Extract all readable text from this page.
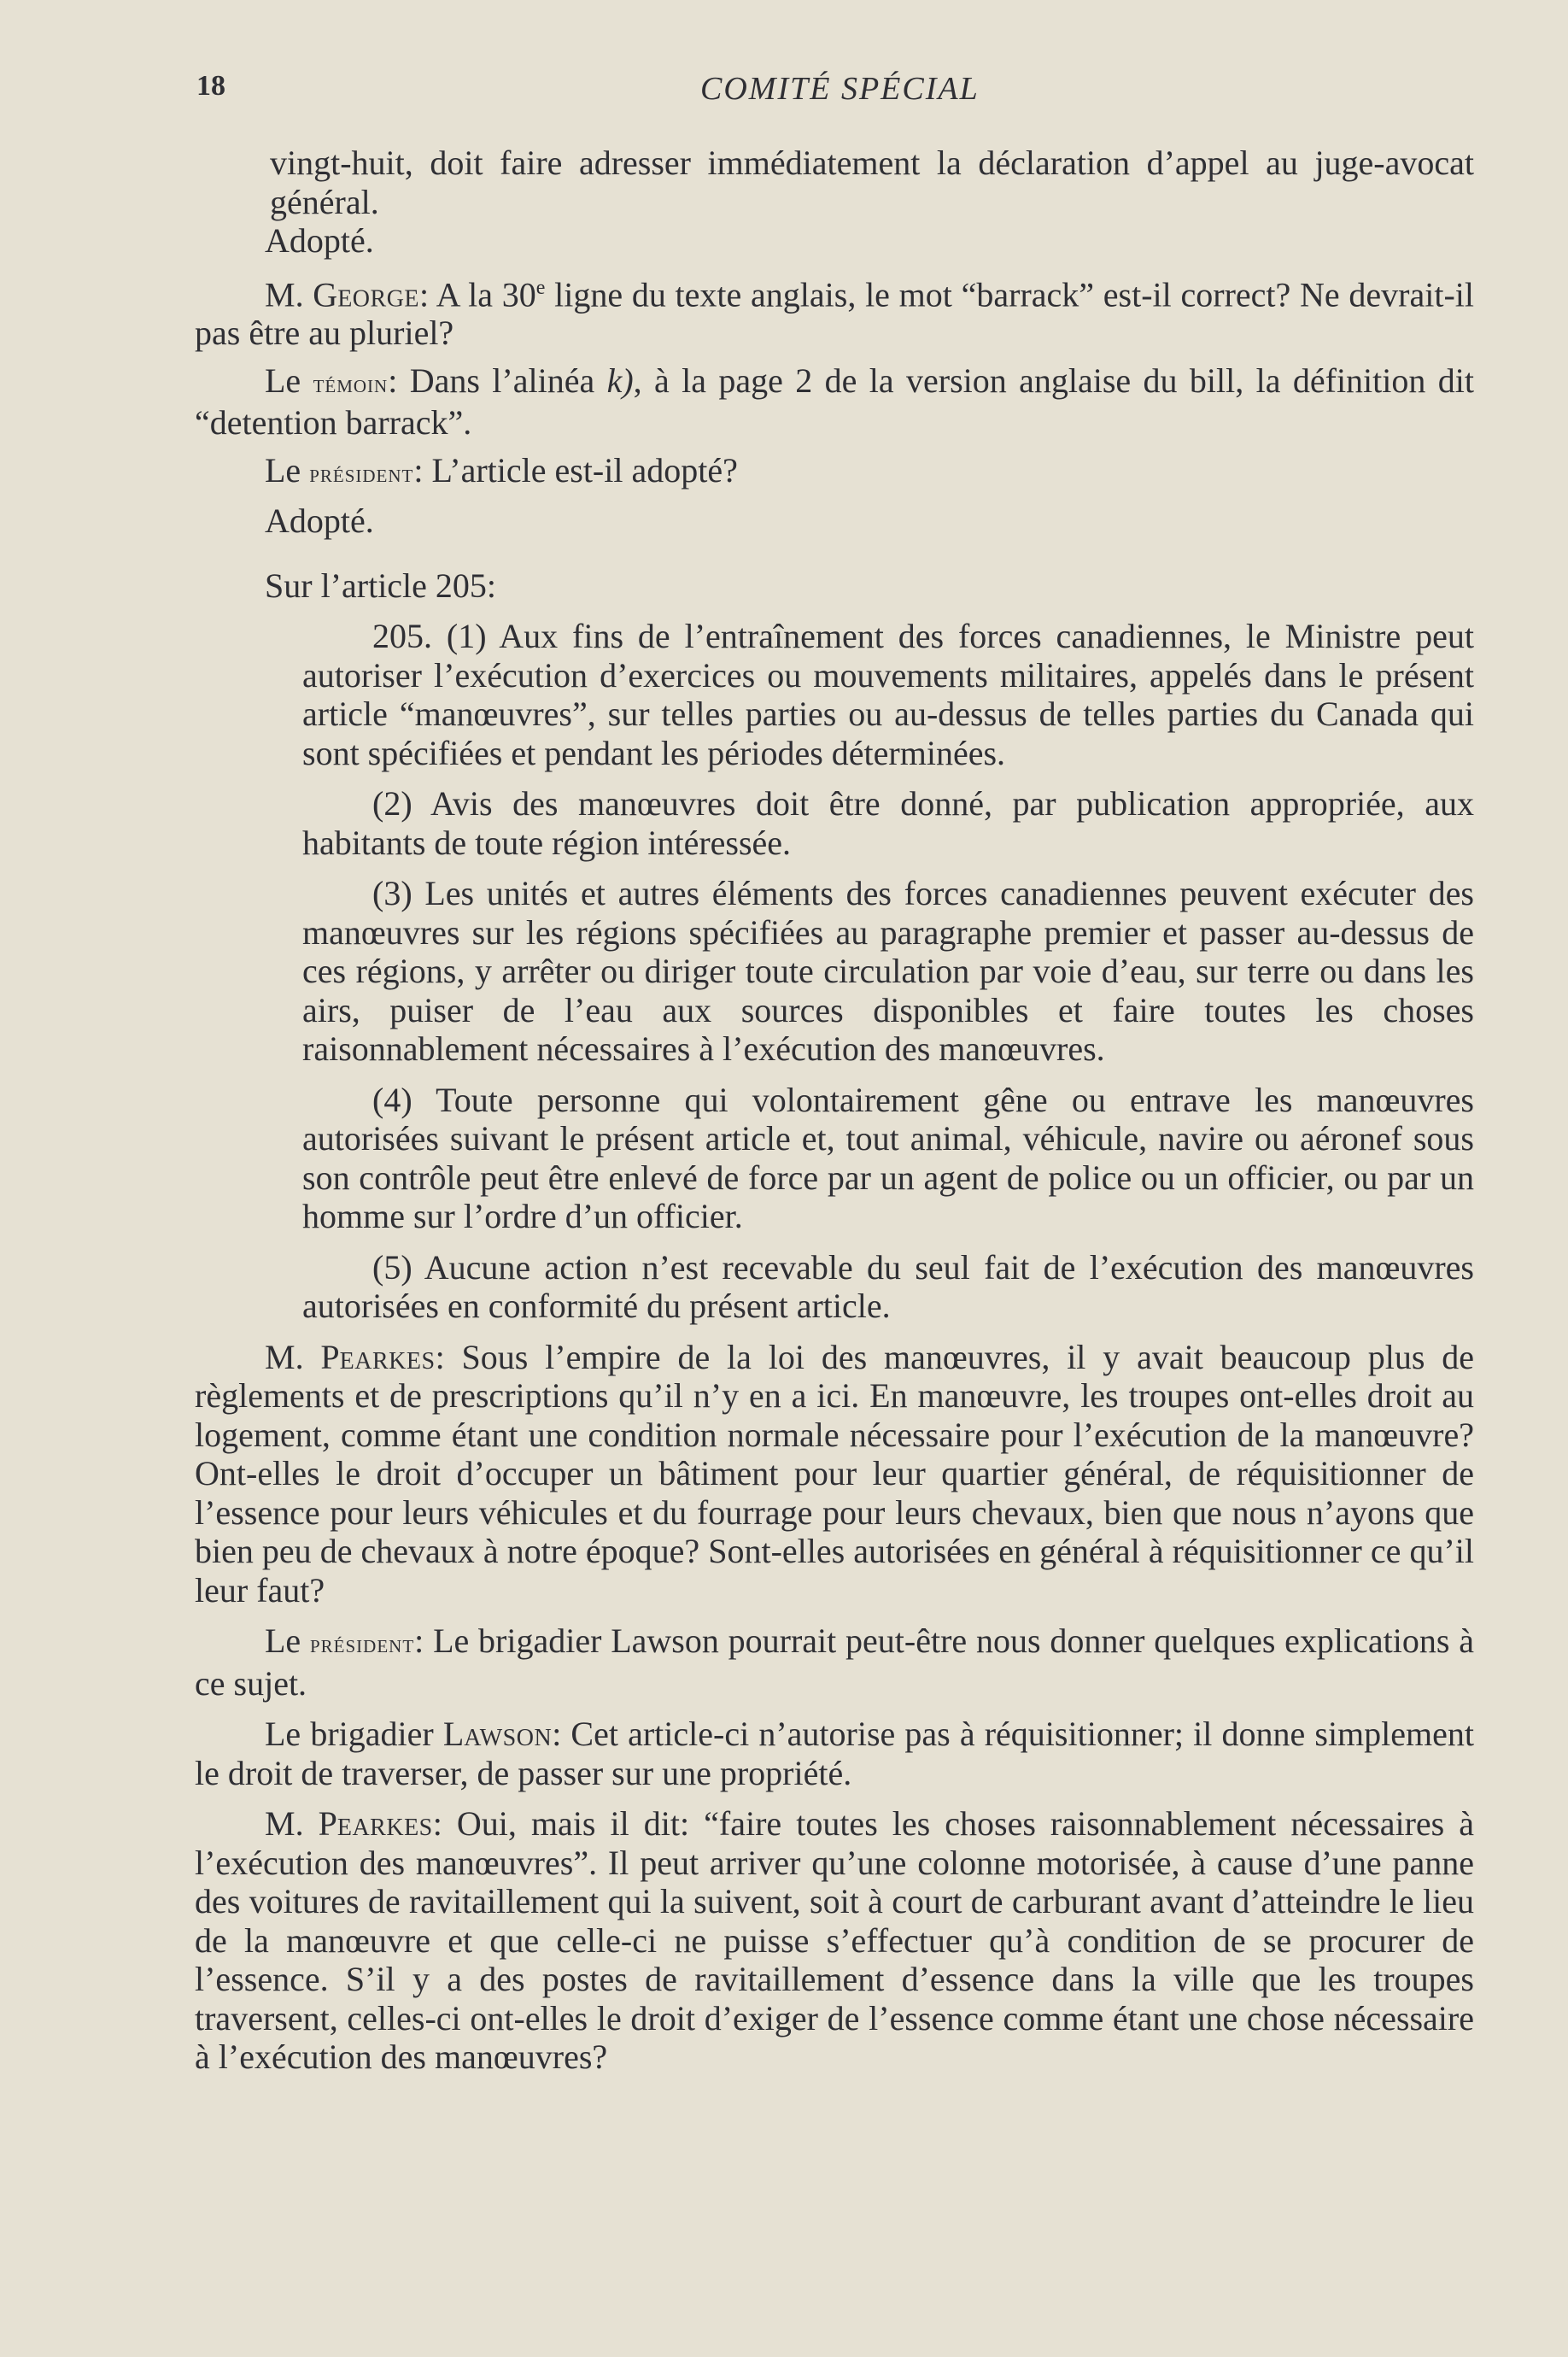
18	COMITÉ SPÉCIAL

vingt-huit, doit faire adresser immédiatement la déclaration d’appel au juge-avocat général.

Adopté.

M. George: A la 30e ligne du texte anglais, le mot “barrack” est-il correct? Ne devrait-il pas être au pluriel?

Le témoin: Dans l’alinéa k), à la page 2 de la version anglaise du bill, la définition dit “detention barrack”.

Le président: L’article est-il adopté?

Adopté.

Sur l’article 205:

205. (1) Aux fins de l’entraînement des forces canadiennes, le Ministre peut autoriser l’exécution d’exercices ou mouvements militaires, appelés dans le présent article “manœuvres”, sur telles parties ou au-dessus de telles parties du Canada qui sont spécifiées et pendant les périodes déterminées.

(2) Avis des manœuvres doit être donné, par publication appropriée, aux habitants de toute région intéressée.

(3) Les unités et autres éléments des forces canadiennes peuvent exécuter des manœuvres sur les régions spécifiées au paragraphe premier et passer au-dessus de ces régions, y arrêter ou diriger toute circulation par voie d’eau, sur terre ou dans les airs, puiser de l’eau aux sources disponibles et faire toutes les choses raisonnablement nécessaires à l’exécution des manœuvres.

(4) Toute personne qui volontairement gêne ou entrave les manœuvres autorisées suivant le présent article et, tout animal, véhicule, navire ou aéronef sous son contrôle peut être enlevé de force par un agent de police ou un officier, ou par un homme sur l’ordre d’un officier.

(5) Aucune action n’est recevable du seul fait de l’exécution des manœuvres autorisées en conformité du présent article.

M. Pearkes: Sous l’empire de la loi des manœuvres, il y avait beaucoup plus de règlements et de prescriptions qu’il n’y en a ici. En manœuvre, les troupes ont-elles droit au logement, comme étant une condition normale nécessaire pour l’exécution de la manœuvre? Ont-elles le droit d’occuper un bâtiment pour leur quartier général, de réquisitionner de l’essence pour leurs véhicules et du fourrage pour leurs chevaux, bien que nous n’ayons que bien peu de chevaux à notre époque? Sont-elles autorisées en général à réquisitionner ce qu’il leur faut?

Le président: Le brigadier Lawson pourrait peut-être nous donner quelques explications à ce sujet.

Le brigadier Lawson: Cet article-ci n’autorise pas à réquisitionner; il donne simplement le droit de traverser, de passer sur une propriété.

M. Pearkes: Oui, mais il dit: “faire toutes les choses raisonnablement nécessaires à l’exécution des manœuvres”. Il peut arriver qu’une colonne motorisée, à cause d’une panne des voitures de ravitaillement qui la suivent, soit à court de carburant avant d’atteindre le lieu de la manœuvre et que celle-ci ne puisse s’effectuer qu’à condition de se procurer de l’essence. S’il y a des postes de ravitaillement d’essence dans la ville que les troupes traversent, celles-ci ont-elles le droit d’exiger de l’essence comme étant une chose nécessaire à l’exécution des manœuvres?
